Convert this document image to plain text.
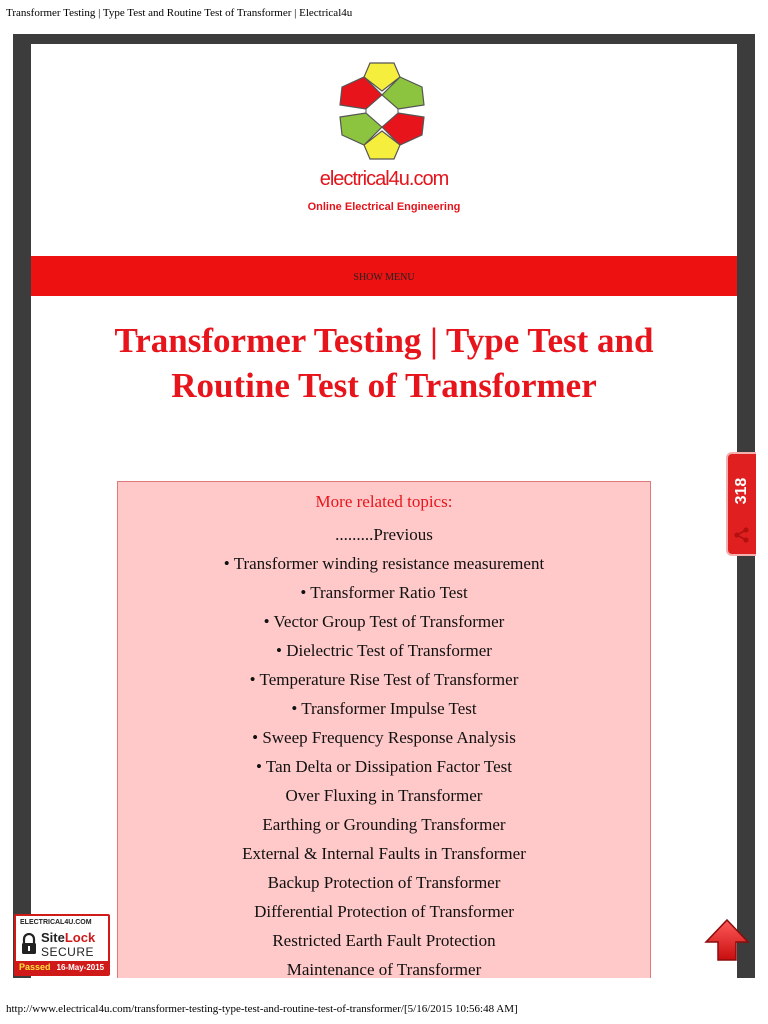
Transformer Testing | Type Test and Routine Test of Transformer | Electrical4u
electrical4u.com
Online Electrical Engineering
SHOW MENU
Transformer Testing | Type Test and Routine Test of Transformer
More related topics:
.........Previous
• Transformer winding resistance measurement
• Transformer Ratio Test
• Vector Group Test of Transformer
• Dielectric Test of Transformer
• Temperature Rise Test of Transformer
• Transformer Impulse Test
• Sweep Frequency Response Analysis
• Tan Delta or Dissipation Factor Test
Over Fluxing in Transformer
Earthing or Grounding Transformer
External & Internal Faults in Transformer
Backup Protection of Transformer
Differential Protection of Transformer
Restricted Earth Fault Protection
Maintenance of Transformer
318
ELECTRICAL4U.COM
SiteLock
SECURE
Passed 16-May-2015
http://www.electrical4u.com/transformer-testing-type-test-and-routine-test-of-transformer/[5/16/2015 10:56:48 AM]
